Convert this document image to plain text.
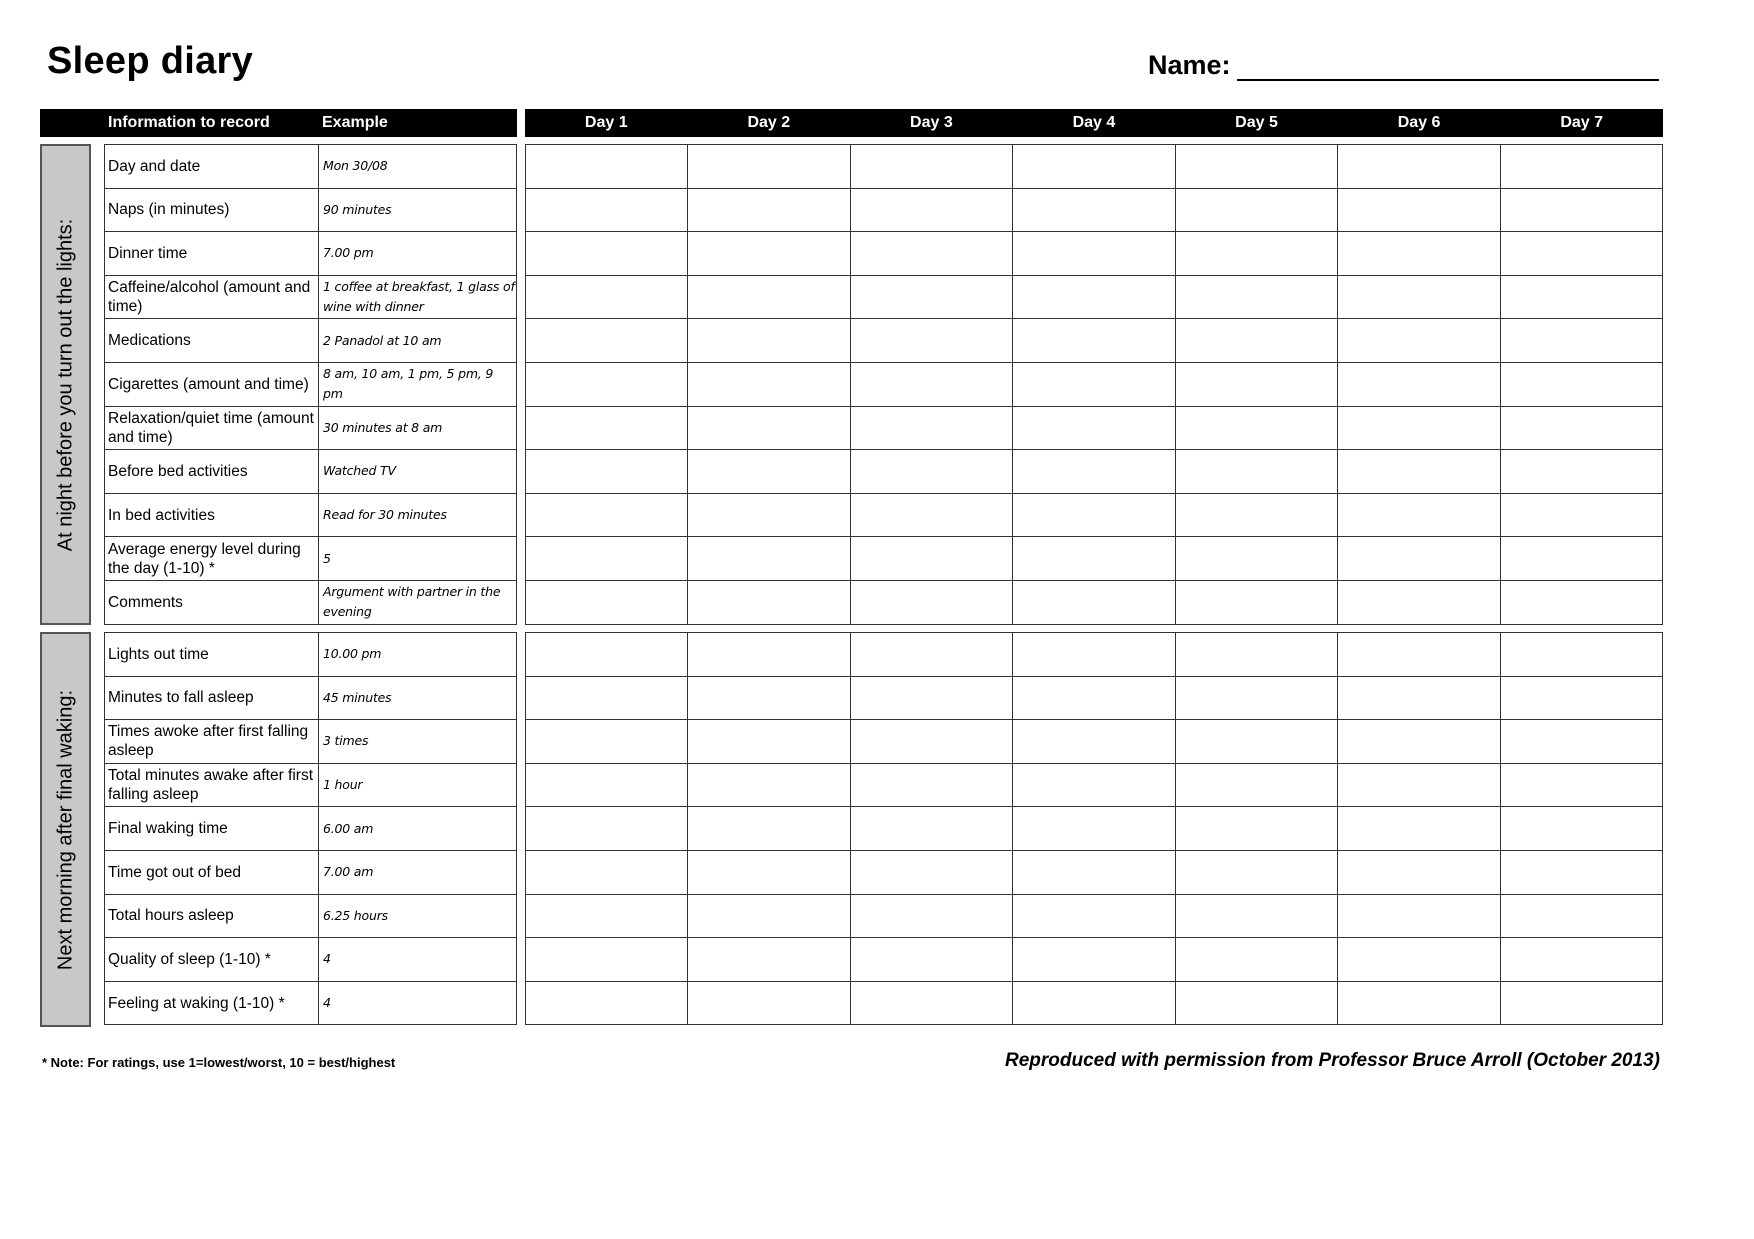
Sleep diary	Name:
Information to record	Example	Day 1	Day 2	Day 3	Day 4	Day 5	Day 6	Day 7
At night before you turn out the lights:
Next morning after final waking:
Day and date	Mon 30/08
Naps (in minutes)	90 minutes
Dinner time	7.00 pm
Caffeine/alcohol (amount and time)	1 coffee at breakfast, 1 glass of wine with dinner
Medications	2 Panadol at 10 am
Cigarettes (amount and time)	8 am, 10 am, 1 pm, 5 pm, 9 pm
Relaxation/quiet time (amount and time)	30 minutes at 8 am
Before bed activities	Watched TV
In bed activities	Read for 30 minutes
Average energy level during the day (1-10) *	5
Comments	Argument with partner in the evening

Lights out time	10.00 pm
Minutes to fall asleep	45 minutes
Times awoke after first falling asleep	3 times
Total minutes awake after first falling asleep	1 hour
Final waking time	6.00 am
Time got out of bed	7.00 am
Total hours asleep	6.25 hours
Quality of sleep (1-10) *	4
Feeling at waking (1-10) *	4

* Note: For ratings, use 1=lowest/worst, 10 = best/highest	Reproduced with permission from Professor Bruce Arroll (October 2013)
